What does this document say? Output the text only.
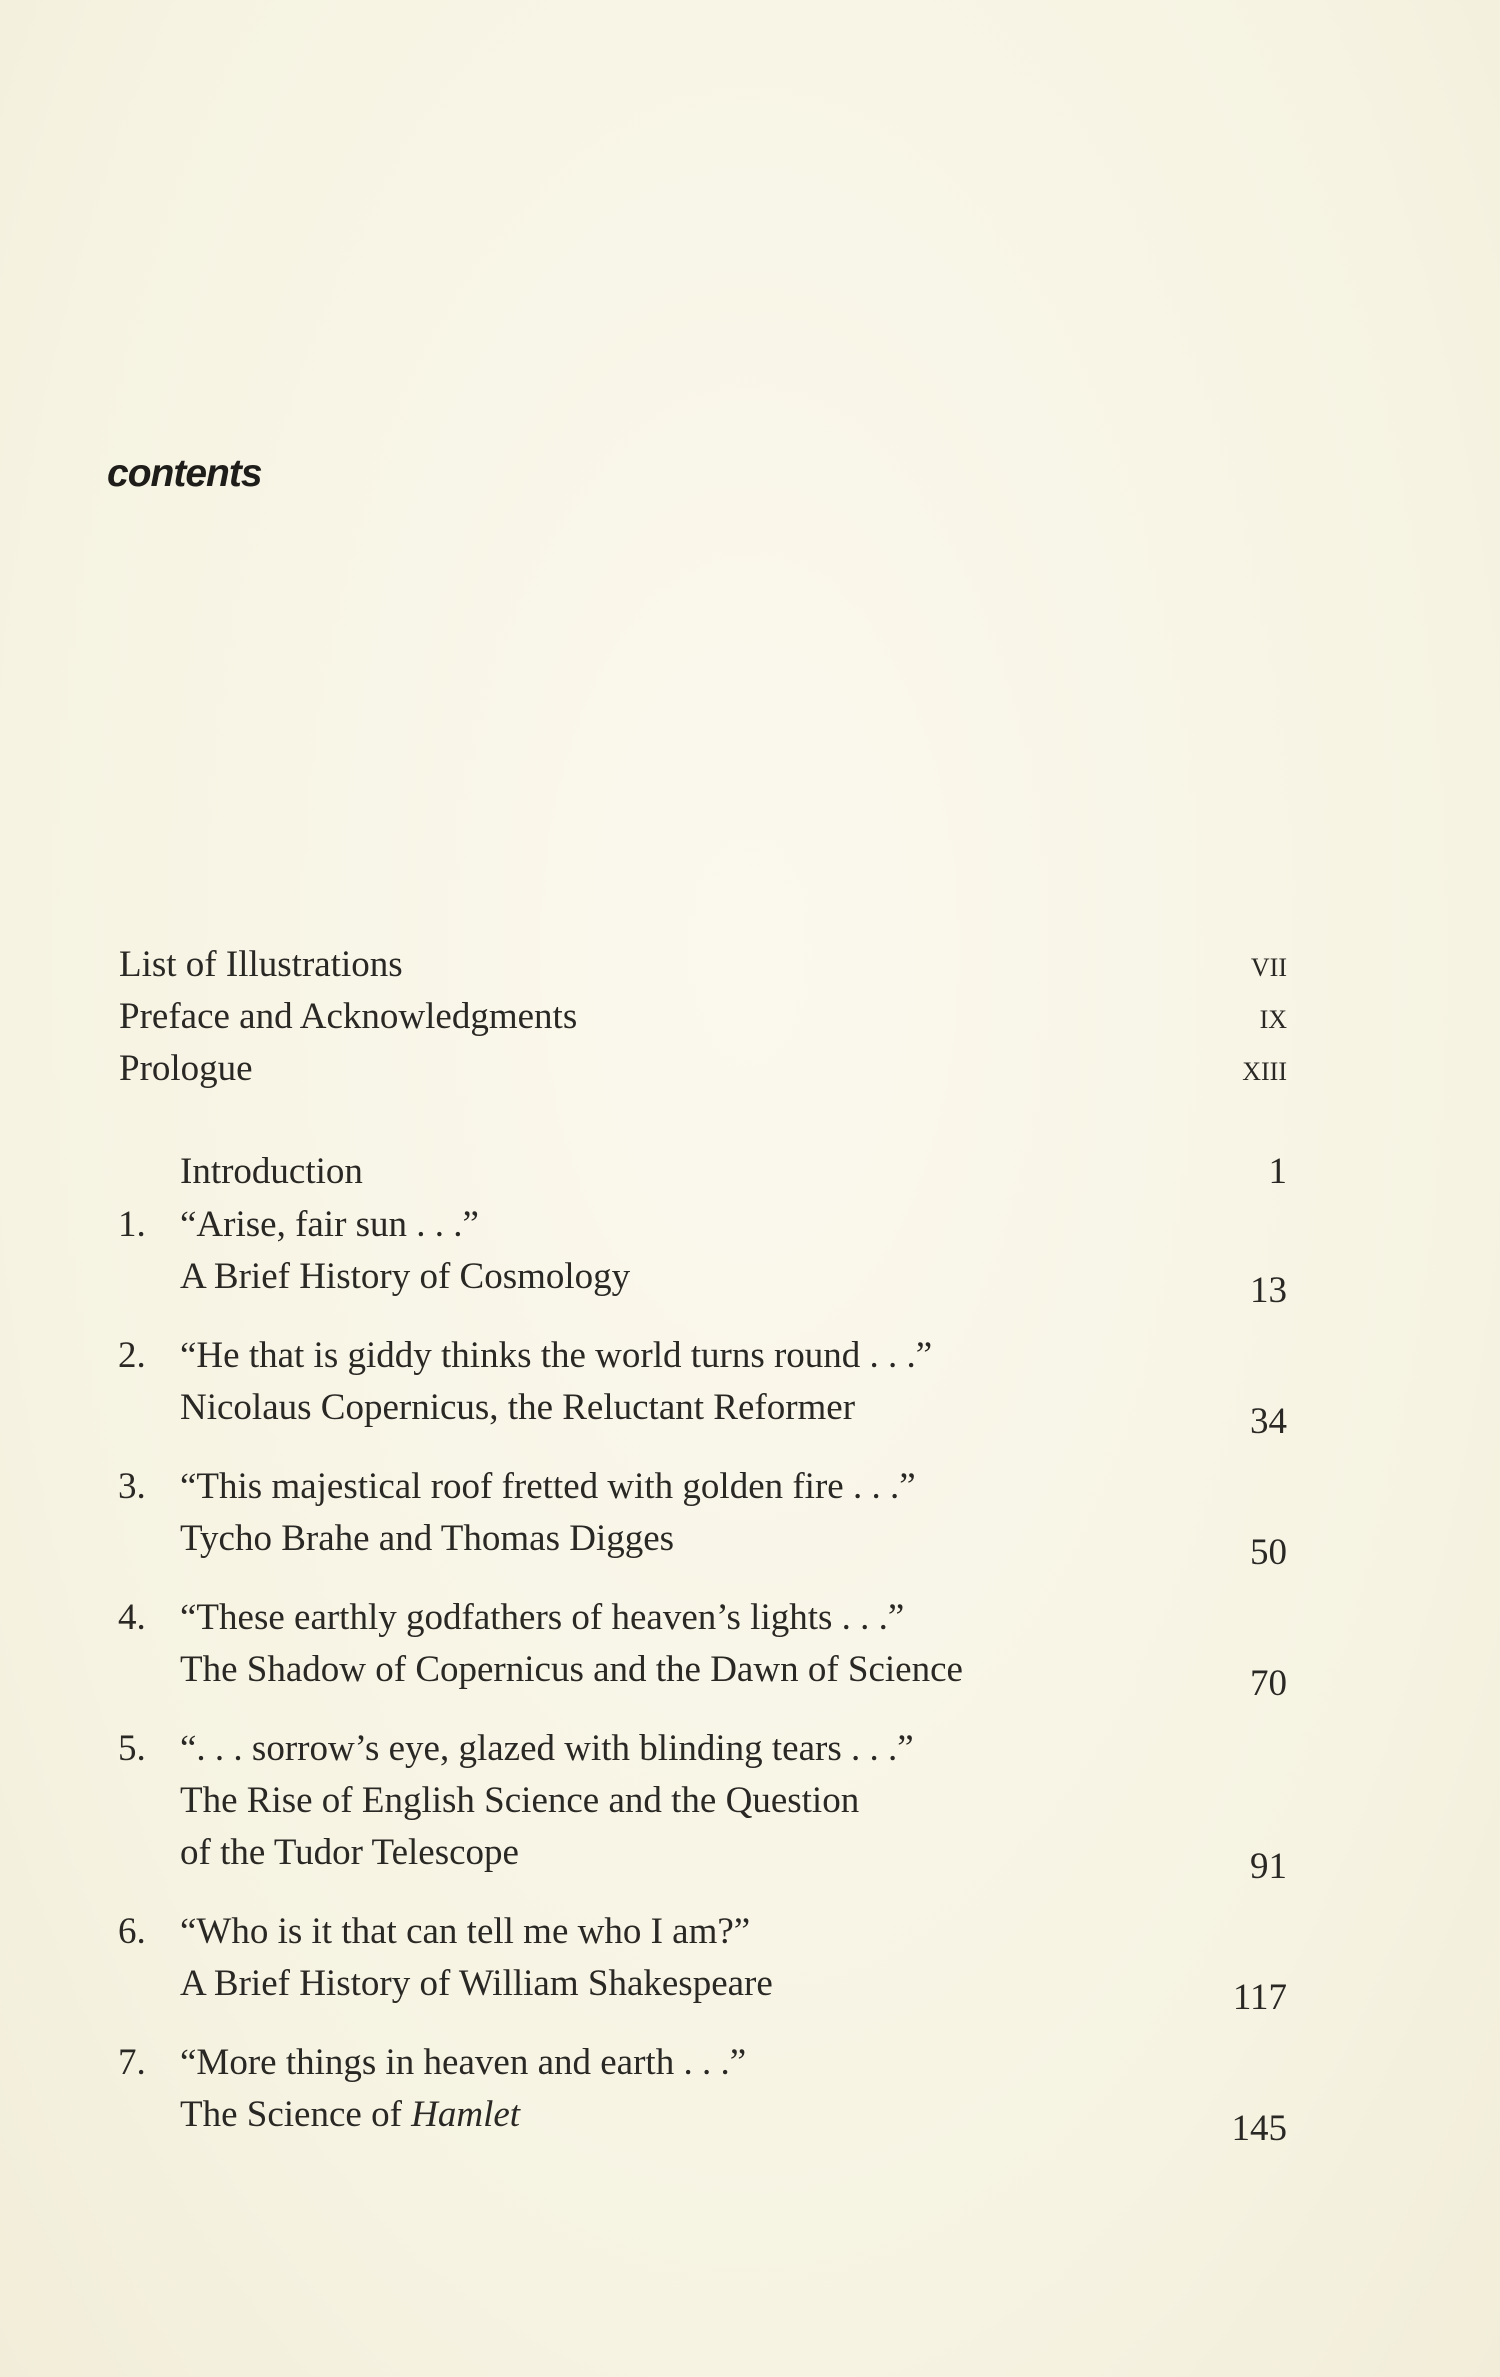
contents
List of Illustrations	vii
Preface and Acknowledgments	ix
Prologue	xiii
Introduction	1
1. “Arise, fair sun . . .”
A Brief History of Cosmology	13
2. “He that is giddy thinks the world turns round . . .”
Nicolaus Copernicus, the Reluctant Reformer	34
3. “This majestical roof fretted with golden fire . . .”
Tycho Brahe and Thomas Digges	50
4. “These earthly godfathers of heaven’s lights . . .”
The Shadow of Copernicus and the Dawn of Science	70
5. “. . . sorrow’s eye, glazed with blinding tears . . .”
The Rise of English Science and the Question
of the Tudor Telescope	91
6. “Who is it that can tell me who I am?”
A Brief History of William Shakespeare	117
7. “More things in heaven and earth . . .”
The Science of Hamlet	145
